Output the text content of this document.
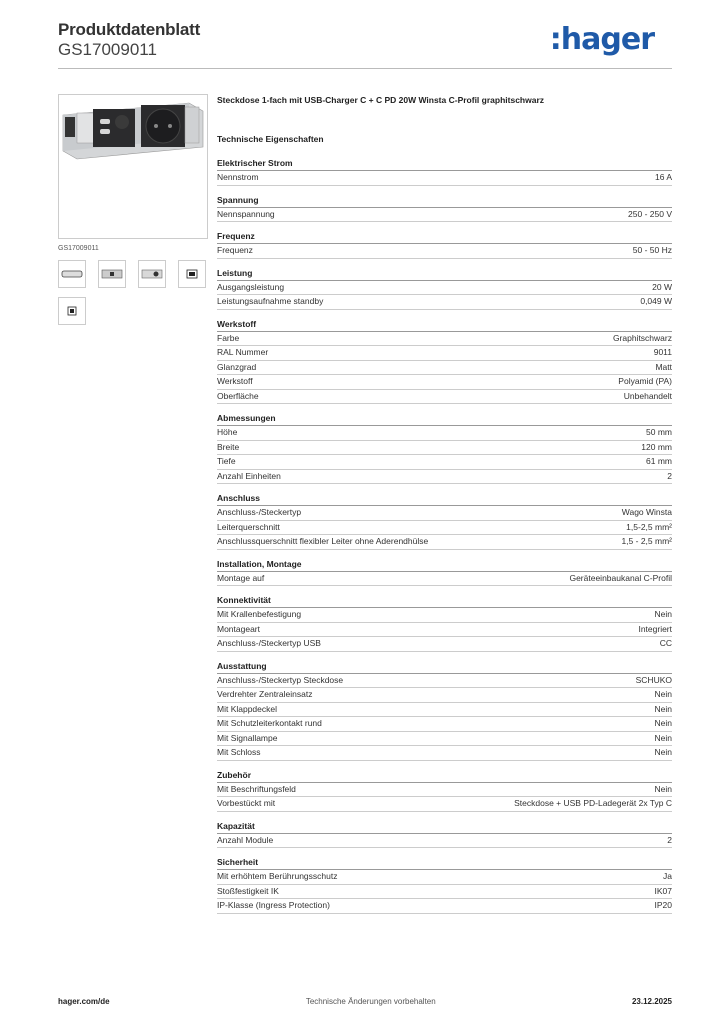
Produktdatenblatt
GS17009011	:hager
GS17009011
Steckdose 1-fach mit USB-Charger C + C PD 20W Winsta C-Profil graphitschwarz
Technische Eigenschaften
Elektrischer Strom
Nennstrom	16 A
Spannung
Nennspannung	250 - 250 V
Frequenz
Frequenz	50 - 50 Hz
Leistung
Ausgangsleistung	20 W
Leistungsaufnahme standby	0,049 W
Werkstoff
Farbe	Graphitschwarz
RAL Nummer	9011
Glanzgrad	Matt
Werkstoff	Polyamid (PA)
Oberfläche	Unbehandelt
Abmessungen
Höhe	50 mm
Breite	120 mm
Tiefe	61 mm
Anzahl Einheiten	2
Anschluss
Anschluss-/Steckertyp	Wago Winsta
Leiterquerschnitt	1,5-2,5 mm²
Anschlussquerschnitt flexibler Leiter ohne Aderendhülse	1,5 - 2,5 mm²
Installation, Montage
Montage auf	Geräteeinbaukanal C-Profil
Konnektivität
Mit Krallenbefestigung	Nein
Montageart	Integriert
Anschluss-/Steckertyp USB	CC
Ausstattung
Anschluss-/Steckertyp Steckdose	SCHUKO
Verdrehter Zentraleinsatz	Nein
Mit Klappdeckel	Nein
Mit Schutzleiterkontakt rund	Nein
Mit Signallampe	Nein
Mit Schloss	Nein
Zubehör
Mit Beschriftungsfeld	Nein
Vorbestückt mit	Steckdose + USB PD-Ladegerät 2x Typ C
Kapazität
Anzahl Module	2
Sicherheit
Mit erhöhtem Berührungsschutz	Ja
Stoßfestigkeit IK	IK07
IP-Klasse (Ingress Protection)	IP20
hager.com/de	Technische Änderungen vorbehalten	23.12.2025
